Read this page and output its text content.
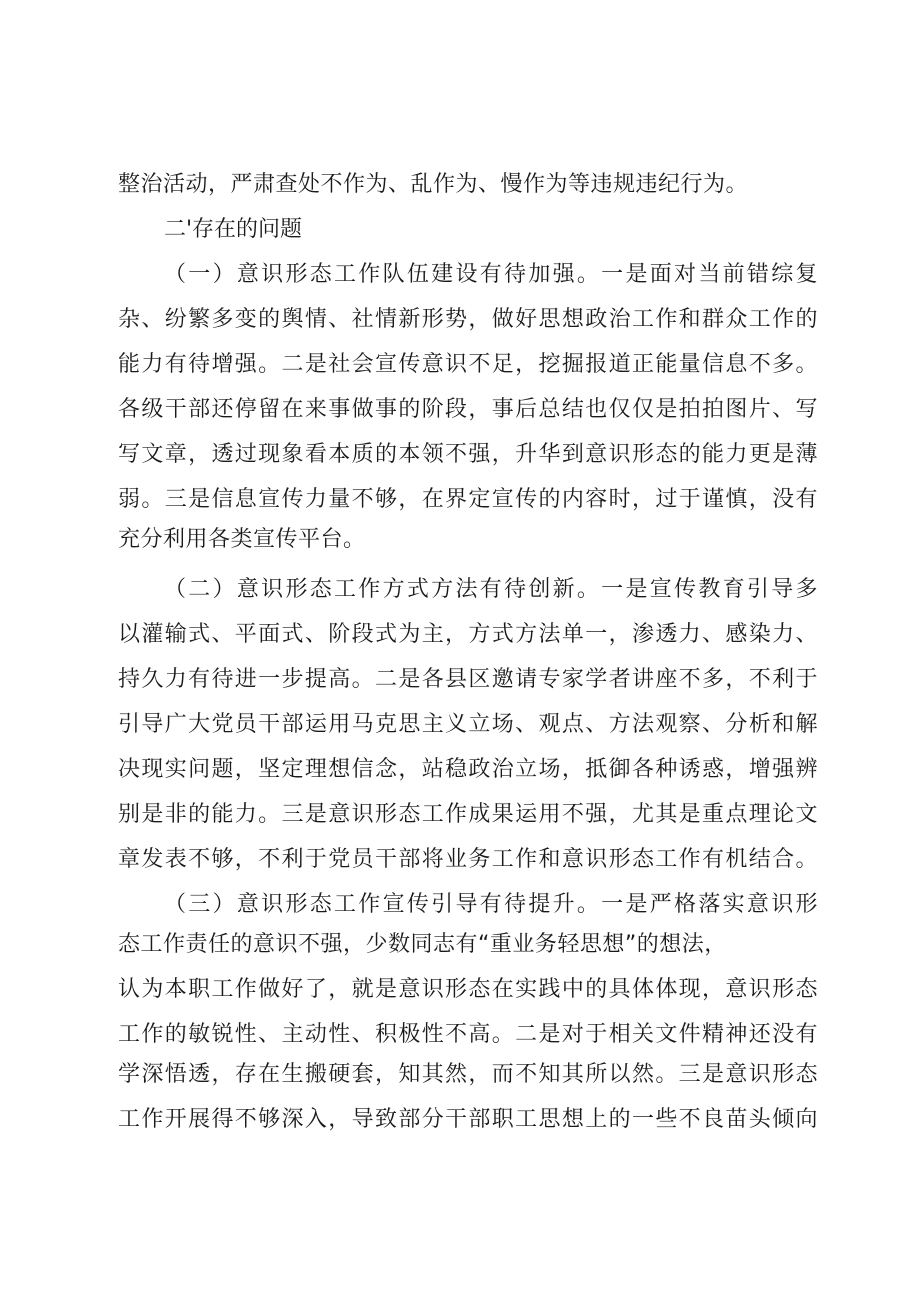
整治活动，严肃查处不作为、乱作为、慢作为等违规违纪行为。
二'存在的问题
（一）意识形态工作队伍建设有待加强。一是面对当前错综复
杂、纷繁多变的舆情、社情新形势，做好思想政治工作和群众工作的
能力有待增强。二是社会宣传意识不足，挖掘报道正能量信息不多。
各级干部还停留在来事做事的阶段，事后总结也仅仅是拍拍图片、写
写文章，透过现象看本质的本领不强，升华到意识形态的能力更是薄
弱。三是信息宣传力量不够，在界定宣传的内容时，过于谨慎，没有
充分利用各类宣传平台。
（二）意识形态工作方式方法有待创新。一是宣传教育引导多
以灌输式、平面式、阶段式为主，方式方法单一，渗透力、感染力、
持久力有待进一步提高。二是各县区邀请专家学者讲座不多，不利于
引导广大党员干部运用马克思主义立场、观点、方法观察、分析和解
决现实问题，坚定理想信念，站稳政治立场，抵御各种诱惑，增强辨
别是非的能力。三是意识形态工作成果运用不强，尤其是重点理论文
章发表不够，不利于党员干部将业务工作和意识形态工作有机结合。
（三）意识形态工作宣传引导有待提升。一是严格落实意识形
态工作责任的意识不强，少数同志有“重业务轻思想”的想法，
认为本职工作做好了，就是意识形态在实践中的具体体现，意识形态
工作的敏锐性、主动性、积极性不高。二是对于相关文件精神还没有
学深悟透，存在生搬硬套，知其然，而不知其所以然。三是意识形态
工作开展得不够深入，导致部分干部职工思想上的一些不良苗头倾向
